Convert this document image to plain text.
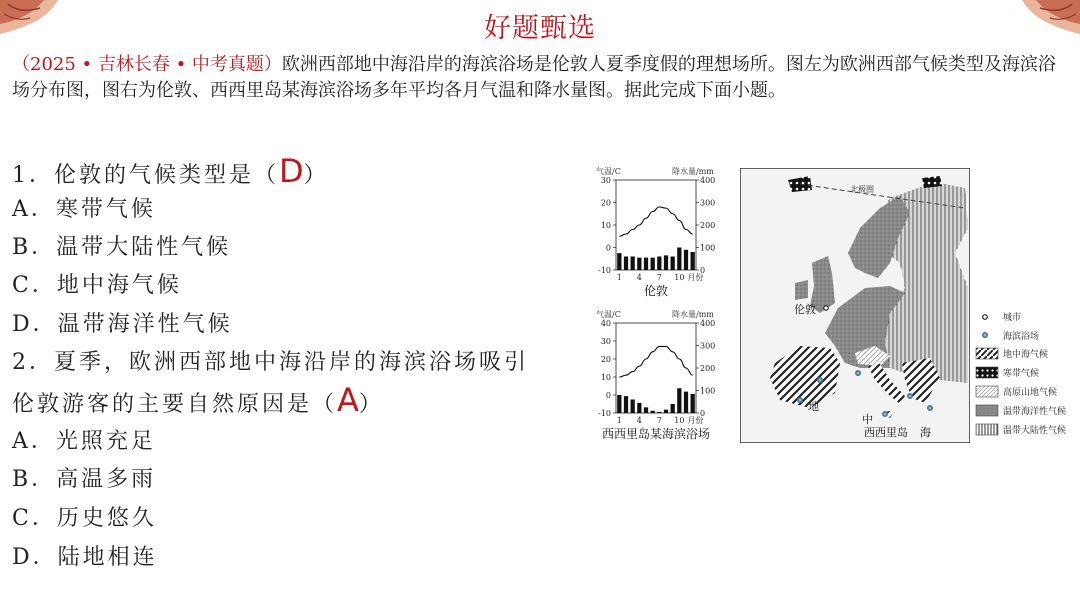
好题甄选
（2025 • 吉林长春 • 中考真题）欧洲西部地中海沿岸的海滨浴场是伦敦人夏季度假的理想场所。图左为欧洲西部气候类型及海滨浴场分布图，图右为伦敦、西西里岛某海滨浴场多年平均各月气温和降水量图。据此完成下面小题。
1．伦敦的气候类型是（D）
A．寒带气候
B．温带大陆性气候
C．地中海气候
D．温带海洋性气候
2．夏季，欧洲西部地中海沿岸的海滨浴场吸引
伦敦游客的主要自然原因是（A）
A．光照充足
B．高温多雨
C．历史悠久
D．陆地相连
气温/C	降水量/mm
30
20
10
0
-10
400
300
200
100
0
1 4 7 10 月份
伦敦
气温/C	降水量/mm
40
30
20
10
0
-10
400
300
200
100
0
1 4 7 10 月份
西西里岛某海滨浴场
北极圈
伦敦
地
中
海
西西里岛
城市
海滨浴场
地中海气候
寒带气候
高原山地气候
温带海洋性气候
温带大陆性气候
